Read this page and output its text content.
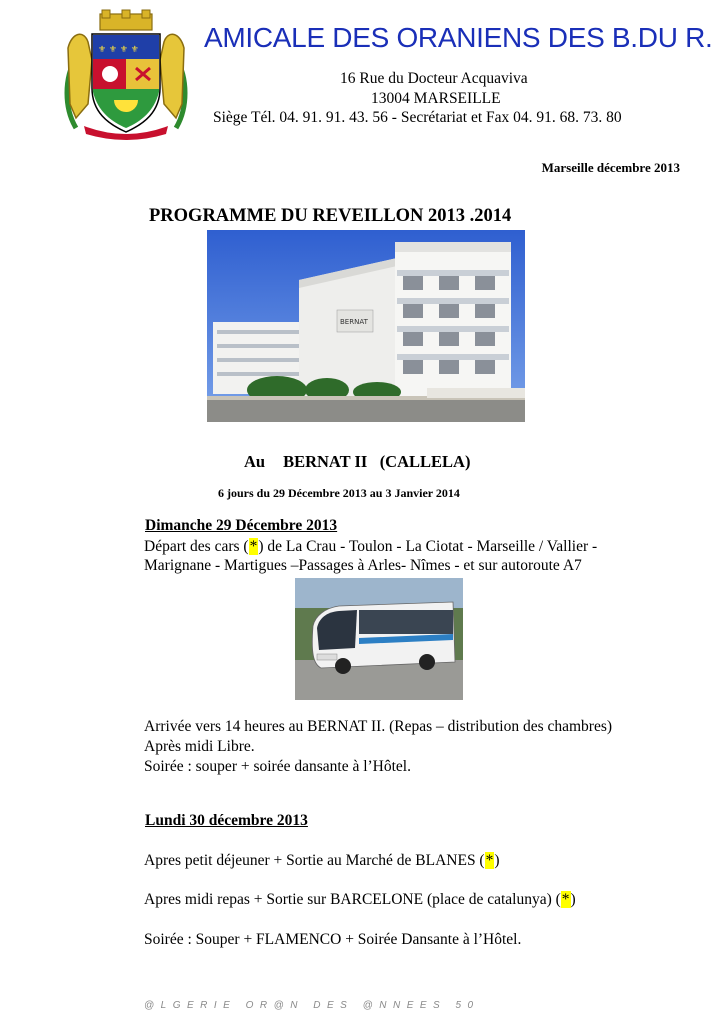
⚜ ⚜ ⚜ ⚜ AMICALE DES ORANIENS DES B.DU R.
16 Rue du Docteur Acquaviva
13004 MARSEILLE
Siège Tél. 04. 91. 91. 43. 56 - Secrétariat et Fax 04. 91. 68. 73. 80
Marseille décembre 2013
PROGRAMME DU REVEILLON 2013 .2014
BERNAT
Au BERNAT II (CALLELA)
6 jours du 29 Décembre 2013 au 3 Janvier 2014
Dimanche 29 Décembre 2013
Départ des cars (*) de La Crau - Toulon - La Ciotat - Marseille / Vallier -
Marignane - Martigues –Passages à Arles- Nîmes - et sur autoroute A7
Arrivée vers 14 heures au BERNAT II. (Repas – distribution des chambres)
Après midi Libre.
Soirée : souper + soirée dansante à l’Hôtel.
Lundi 30 décembre 2013
Apres petit déjeuner + Sortie au Marché de BLANES (*)
Apres midi repas + Sortie sur BARCELONE (place de catalunya) (*)
Soirée : Souper + FLAMENCO + Soirée Dansante à l’Hôtel.
@LGERIE OR@N DES @NNEES 50
